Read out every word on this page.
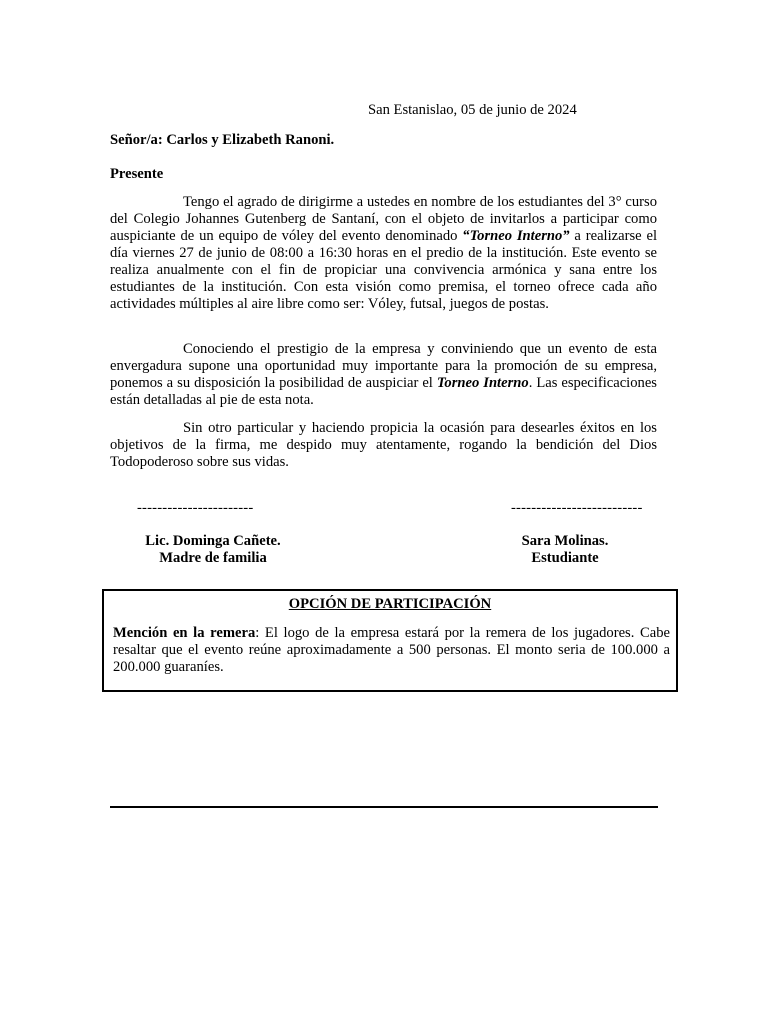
San Estanislao, 05 de junio de 2024
Señor/a: Carlos y Elizabeth Ranoni.
Presente

Tengo el agrado de dirigirme a ustedes en nombre de los estudiantes del 3° curso del Colegio Johannes Gutenberg de Santaní, con el objeto de invitarlos a participar como auspiciante de un equipo de vóley del evento denominado “Torneo Interno” a realizarse el día viernes 27 de junio de 08:00 a 16:30 horas en el predio de la institución. Este evento se realiza anualmente con el fin de propiciar una convivencia armónica y sana entre los estudiantes de la institución. Con esta visión como premisa, el torneo ofrece cada año actividades múltiples al aire libre como ser: Vóley, futsal, juegos de postas.

Conociendo el prestigio de la empresa y conviniendo que un evento de esta envergadura supone una oportunidad muy importante para la promoción de su empresa, ponemos a su disposición la posibilidad de auspiciar el Torneo Interno. Las especificaciones están detalladas al pie de esta nota.

Sin otro particular y haciendo propicia la ocasión para desearles éxitos en los objetivos de la firma, me despido muy atentamente, rogando la bendición del Dios Todopoderoso sobre sus vidas.

-----------------------	--------------------------
Lic. Dominga Cañete.
Madre de familia
Sara Molinas.
Estudiante
OPCIÓN DE PARTICIPACIÓN

Mención en la remera: El logo de la empresa estará por la remera de los jugadores. Cabe resaltar que el evento reúne aproximadamente a 500 personas. El monto seria de 100.000 a 200.000 guaraníes.
